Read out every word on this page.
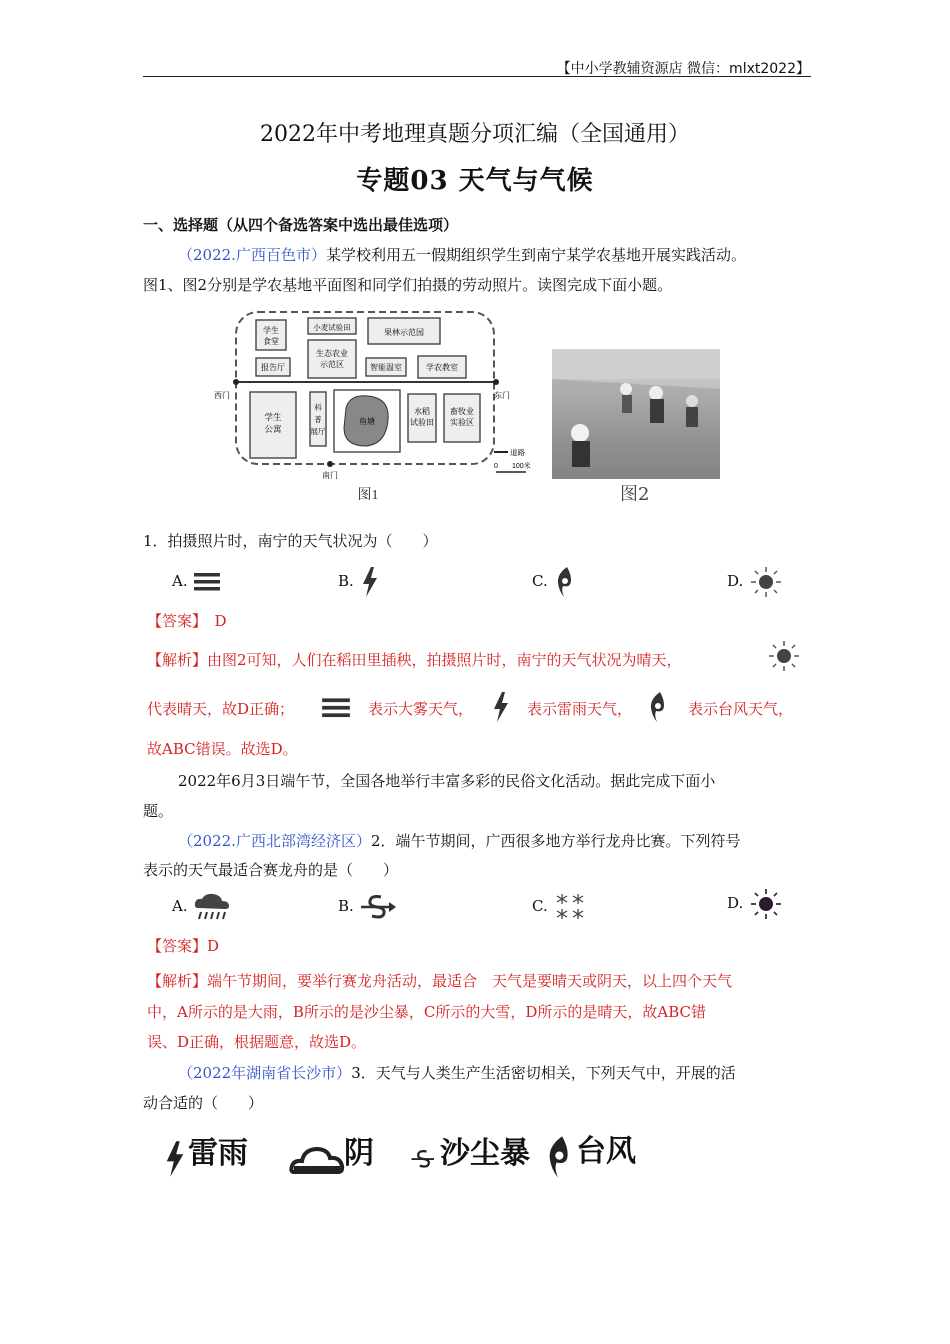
【中小学教辅资源店 微信：mlxt2022】
2022年中考地理真题分项汇编（全国通用）
专题03 天气与气候
一、选择题（从四个备选答案中选出最佳选项）
（2022.广西百色市）某学校利用五一假期组织学生到南宁某学农基地开展实践活动。
图1、图2分别是学农基地平面图和同学们拍摄的劳动照片。读图完成下面小题。
学生
食堂
小麦试验田
果林示范园
报告厅
生态农业
示范区	智能温室	学农教室
西门	东门
学生
公寓
科
普
展厅
鱼塘
水稻
试验田
畜牧业
实验区
南门
道路
0 100米
图1	图2
1．拍摄照片时，南宁的天气状况为（　　）
A.	B.	C.	D.
【答案】　 D
【解析】由图2可知，人们在稻田里插秧，拍摄照片时，南宁的天气状况为晴天，
代表晴天，故D正确；	表示大雾天气，	表示雷雨天气，	表示台风天气，
故ABC错误。故选D。
2022年6月3日端午节，全国各地举行丰富多彩的民俗文化活动。据此完成下面小
题。
（2022.广西北部湾经济区）2．端午节期间，广西很多地方举行龙舟比赛。下列符号
表示的天气最适合赛龙舟的是（　　）
A.	B.	C.	D.
【答案】D
【解析】端午节期间，要举行赛龙舟活动，最适合　天气是要晴天或阴天，以上四个天气
中，A所示的是大雨，B所示的是沙尘暴，C所示的大雪，D所示的是晴天，故ABC错
误、D正确，根据题意，故选D。
（2022年湖南省长沙市）3．天气与人类生产生活密切相关，下列天气中，开展的活
动合适的（　　）
雷雨	阴	沙尘暴	台风
